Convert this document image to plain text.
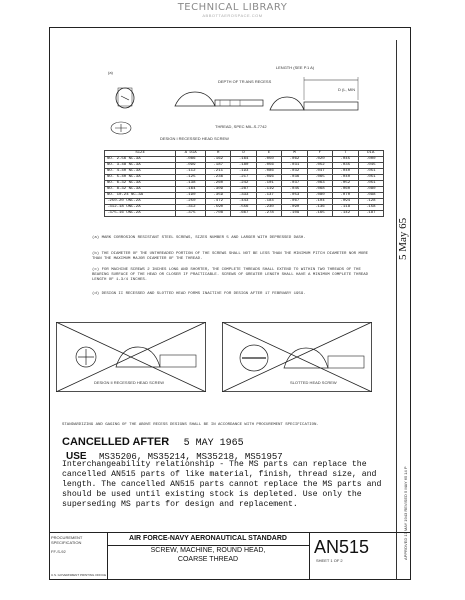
TECHNICAL LIBRARY
ABBOTTAEROSPACE.COM
(a)
DEPTH OF TR ANS RECESS
LENGTH (SEE P.1 A)
D (L, MIN
THREAD, SPEC MIL-S-7742
DESIGN I RECESSED HEAD SCREW
SIZE	A DIA	H	D	E	M	F	T	DIA
NO. 2-56 NC-3A	.086	.162	.164	.050	.062	.020	.045	.000
NO. 3-48 NC-3A	.099	.187	.180	.056	.031	.052	.035	.045
NO. 4-40 NC-3A	.112	.211	.193	.086	.032	.047	.040	.051
NO. 5-40 NC-3A	.125	.236	.217	.096	.036	.065	.040	.051
NO. 6-32 NC-3A	.138	.260	.242	.101	.037	.063	.052	.051
NO. 8-32 NC-3A	.164	.309	.287	.119	.045	.068	.060	.080
NO. 10-24 NC-3A	.190	.359	.333	.137	.053	.080	.070	.098
.250-20 UNC-2A	.250	.472	.443	.184	.067	.104	.094	.128
.312-18 UNC-2A	.312	.590	.556	.230	.090	.136	.118	.158
.375-16 UNC-2A	.375	.708	.667	.278	.109	.165	.142	.187
(a) MARK CORROSION RESISTANT STEEL SCREWS, SIZES NUMBER 5 AND LARGER WITH DEPRESSED DASH.
(b) THE DIAMETER OF THE UNTHREADED PORTION OF THE SCREWS SHALL NOT BE LESS THAN THE MINIMUM PITCH DIAMETER NOR MORE THAN THE MAXIMUM MAJOR DIAMETER OF THE THREAD.
(c) FOR MACHINE SCREWS 2 INCHES LONG AND SHORTER, THE COMPLETE THREADS SHALL EXTEND TO WITHIN TWO THREADS OF THE BEARING SURFACE OF THE HEAD OR CLOSER IF PRACTICABLE. SCREWS OF GREATER LENGTH SHALL HAVE A MINIMUM COMPLETE THREAD LENGTH OF 1-3/4 INCHES.
(d) DESIGN II RECESSED AND SLOTTED HEAD FORMS INACTIVE FOR DESIGN AFTER 17 FEBRUARY 1959.
DESIGN II RECESSED HEAD SCREW	SLOTTED HEAD SCREW
STANDARDIZING AND GAGING OF THE ABOVE RECESS DESIGNS SHALL BE IN ACCORDANCE WITH PROCUREMENT SPECIFICATION.
CANCELLED AFTER 5 MAY 1965
USE MS35206, MS35214, MS35218, MS51957
Interchangeability relationship - The MS parts can replace the cancelled AN515 parts of like material, finish, thread size, and length. The cancelled AN515 parts cannot replace the MS parts and should be used until existing stock is depleted. Use only the superseding MS parts for design and replacement.
5 May 65
APPROVED 17 MAY 1943 REVISED 5 MAY 65 14 P
PROCUREMENT SPECIFICATION
FF-S-92
AIR FORCE-NAVY AERONAUTICAL STANDARD
SCREW, MACHINE, ROUND HEAD,
COARSE THREAD
AN515
SHEET 1 OF 2
U.S. GOVERNMENT PRINTING OFFICE
